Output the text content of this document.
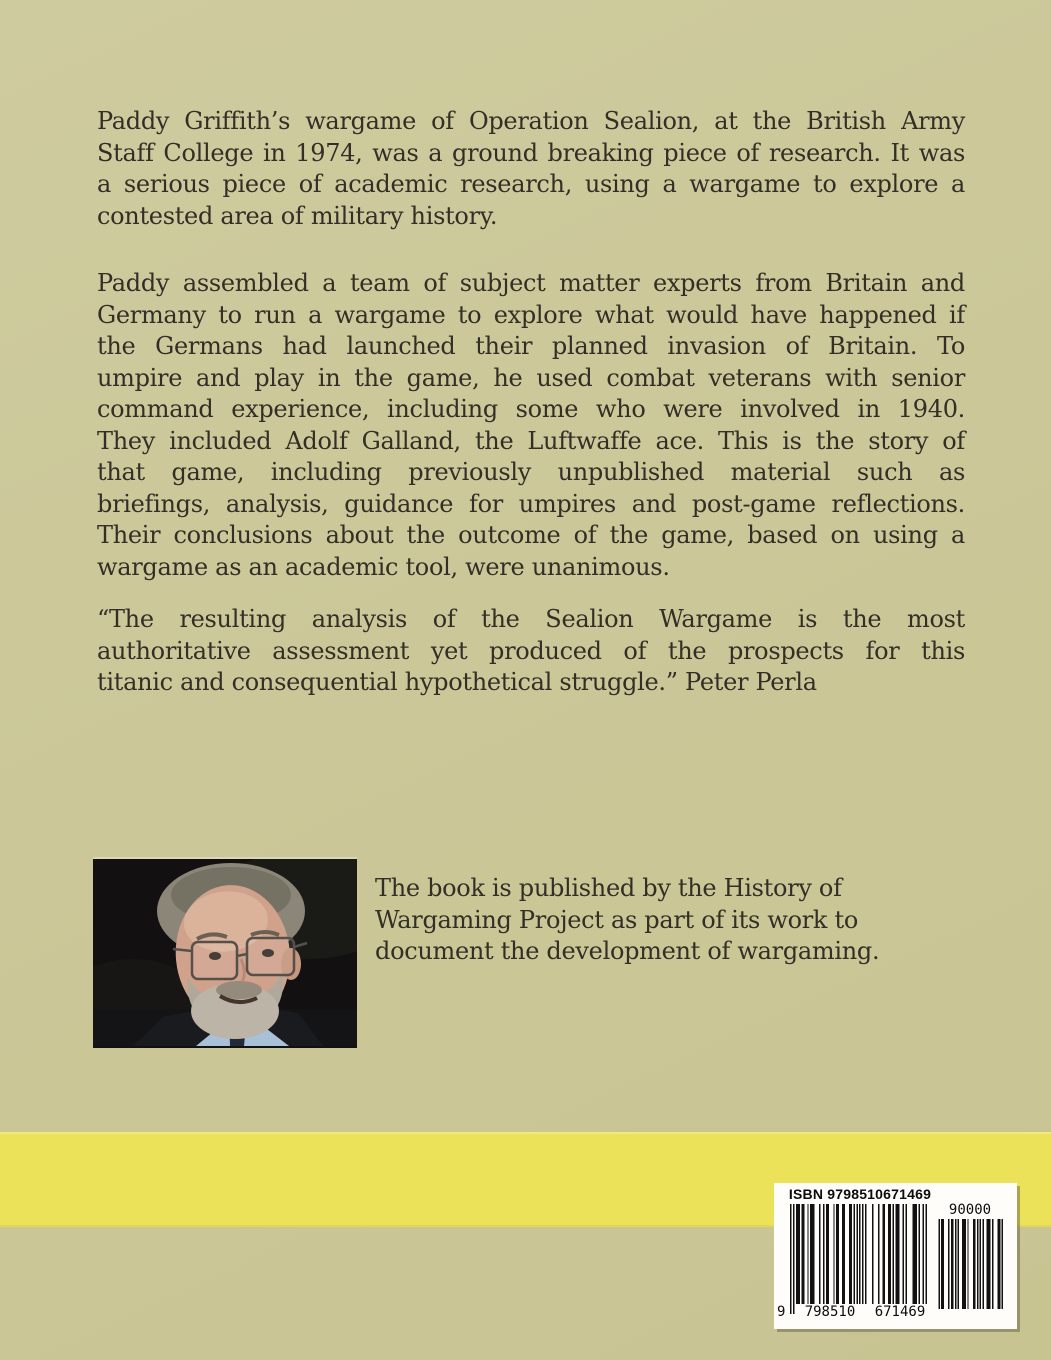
Paddy Griffith’s wargame of Operation Sealion, at the British Army
Staff College in 1974, was a ground breaking piece of research. It was
a serious piece of academic research, using a wargame to explore a
contested area of military history.
Paddy assembled a team of subject matter experts from Britain and
Germany to run a wargame to explore what would have happened if
the Germans had launched their planned invasion of Britain. To
umpire and play in the game, he used combat veterans with senior
command experience, including some who were involved in 1940.
They included Adolf Galland, the Luftwaffe ace. This is the story of
that game, including previously unpublished material such as
briefings, analysis, guidance for umpires and post-game reflections.
Their conclusions about the outcome of the game, based on using a
wargame as an academic tool, were unanimous.
“The resulting analysis of the Sealion Wargame is the most
authoritative assessment yet produced of the prospects for this
titanic and consequential hypothetical struggle.” Peter Perla
The book is published by the History of
Wargaming Project as part of its work to
document the development of wargaming.
ISBN 9798510671469
9	798510	671469
90000
